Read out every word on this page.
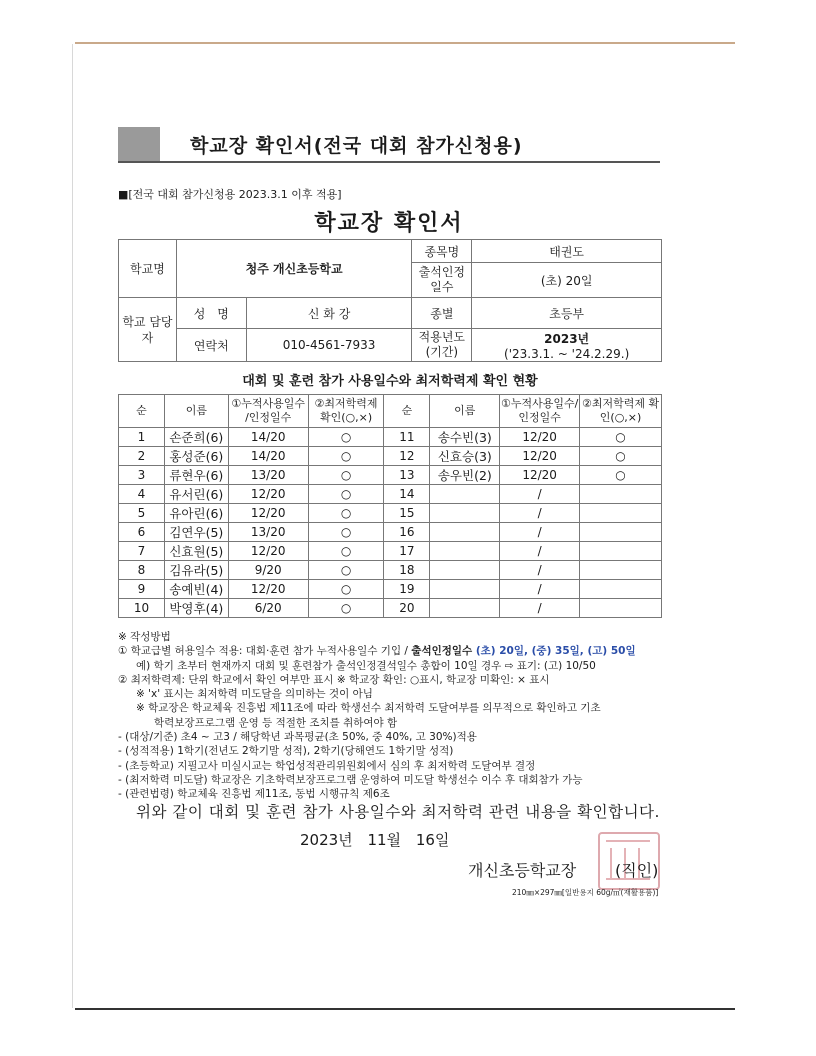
학교장 확인서(전국 대회 참가신청용)
■[전국 대회 참가신청용 2023.3.1 이후 적용]
학교장 확인서
학교명	청주 개신초등학교		종목명	태권도
			출석인정 일수	(초) 20일
학교 담당자	성　명	신 화 강	종별	초등부
	연락처	010-4561-7933	적용년도 (기간)	2023년
('23.3.1. ~ '24.2.29.)
대회 및 훈련 참가 사용일수와 최저학력제 확인 현황
순	이름	①누적사용일수 /인정일수	②최저학력제 확인(○,×)	순	이름	①누적사용일수/ 인정일수	②최저학력제 확인(○,×)
1	손준희(6)	14/20	○	11	송수빈(3)	12/20	○
2	홍성준(6)	14/20	○	12	신효승(3)	12/20	○
3	류현우(6)	13/20	○	13	송우빈(2)	12/20	○
4	유서린(6)	12/20	○	14		/	
5	유아린(6)	12/20	○	15		/	
6	김연우(5)	13/20	○	16		/	
7	신효원(5)	12/20	○	17		/	
8	김유라(5)	9/20	○	18		/	
9	송예빈(4)	12/20	○	19		/	
10	박영후(4)	6/20	○	20		/	
※ 작성방법
① 학교급별 허용일수 적용: 대회·훈련 참가 누적사용일수 기입 / 출석인정일수 (초) 20일, (중) 35일, (고) 50일
예) 학기 초부터 현재까지 대회 및 훈련참가 출석인정결석일수 총합이 10일 경우 ⇨ 표기: (고) 10/50
② 최저학력제: 단위 학교에서 확인 여부만 표시 ※ 학교장 확인: ○표시, 학교장 미확인: × 표시
※ 'x' 표시는 최저학력 미도달을 의미하는 것이 아님
※ 학교장은 학교체육 진흥법 제11조에 따라 학생선수 최저학력 도달여부를 의무적으로 확인하고 기초
학력보장프로그램 운영 등 적절한 조치를 취하여야 함
- (대상/기준) 초4 ~ 고3 / 해당학년 과목평균(초 50%, 중 40%, 고 30%)적용
- (성적적용) 1학기(전년도 2학기말 성적), 2학기(당해연도 1학기말 성적)
- (초등학교) 지필고사 미실시교는 학업성적관리위원회에서 심의 후 최저학력 도달여부 결정
- (최저학력 미도달) 학교장은 기초학력보장프로그램 운영하여 미도달 학생선수 이수 후 대회참가 가능
- (관련법령) 학교체육 진흥법 제11조, 동법 시행규칙 제6조
위와 같이 대회 및 훈련 참가 사용일수와 최저학력 관련 내용을 확인합니다.
2023년 11월 16일
개신초등학교장 (직인)
210㎜×297㎜[일반용지 60g/㎡(재활용품)]
